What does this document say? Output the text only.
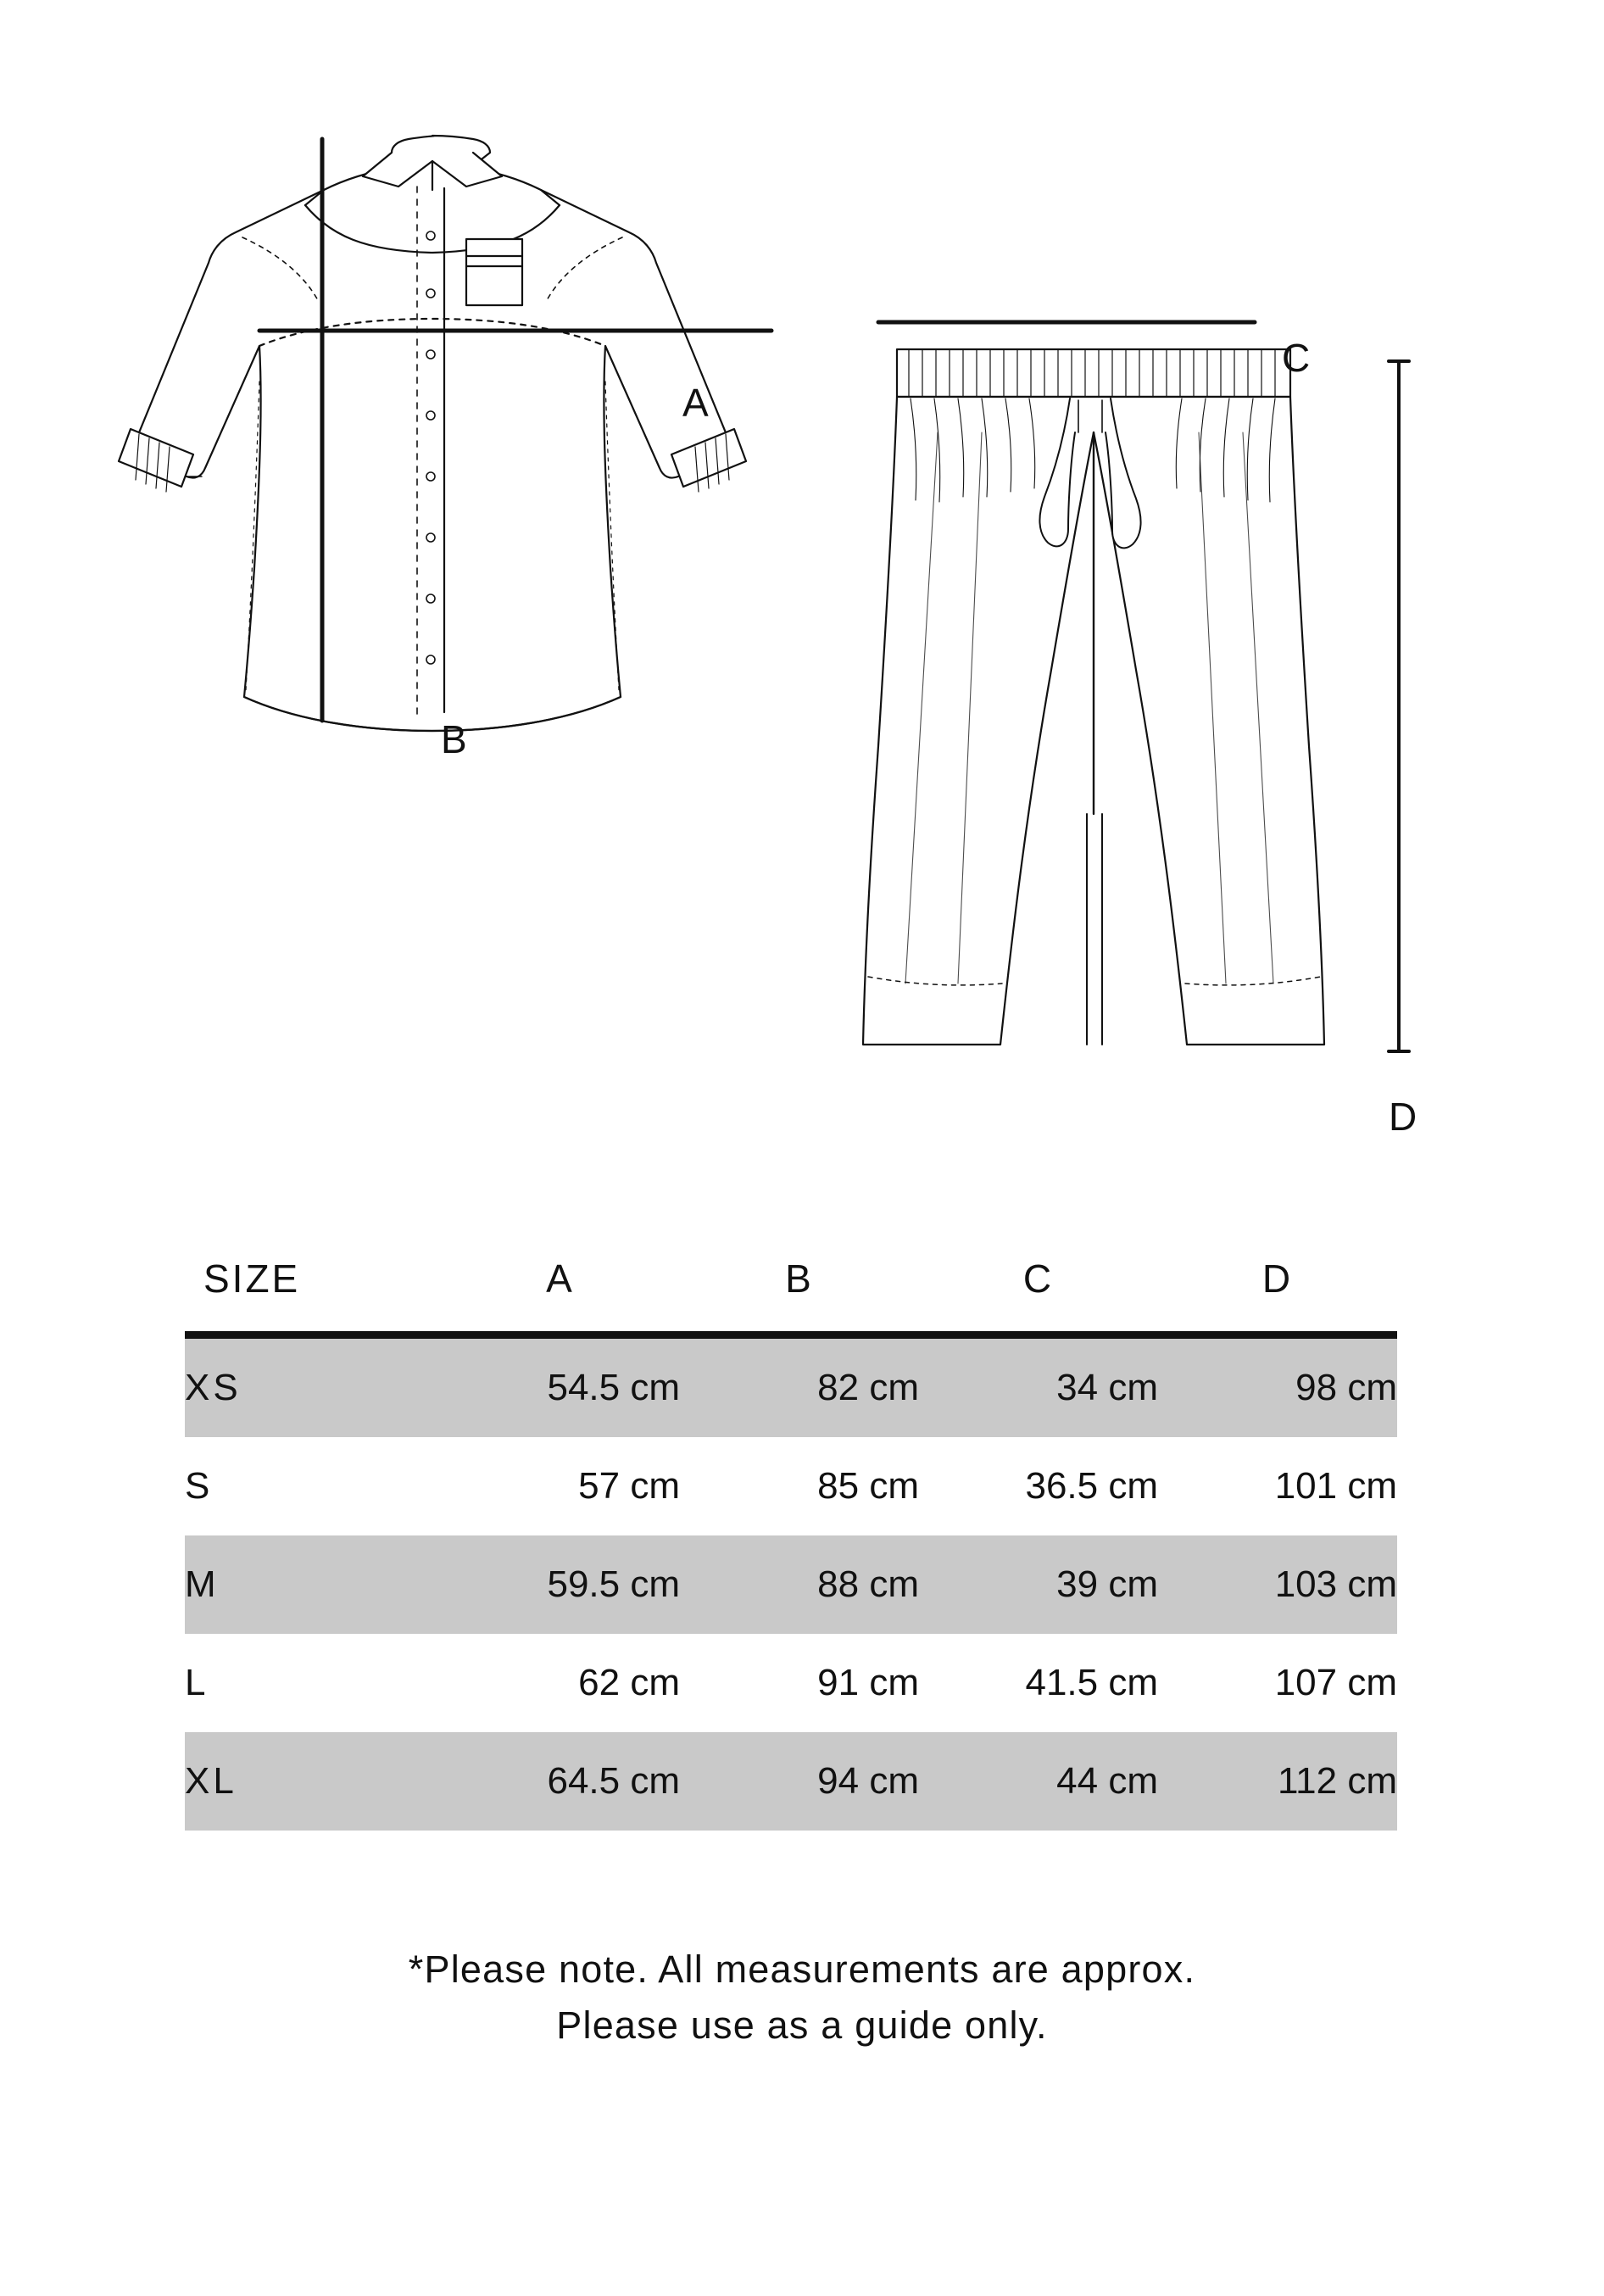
A
B
C
D
SIZE	A	B	C	D
XS	54.5 cm	82 cm	34 cm	98 cm
S	57 cm	85 cm	36.5 cm	101 cm
M	59.5 cm	88 cm	39 cm	103 cm
L	62 cm	91 cm	41.5 cm	107 cm
XL	64.5 cm	94 cm	44 cm	112 cm
*Please note. All measurements are approx.
Please use as a guide only.
